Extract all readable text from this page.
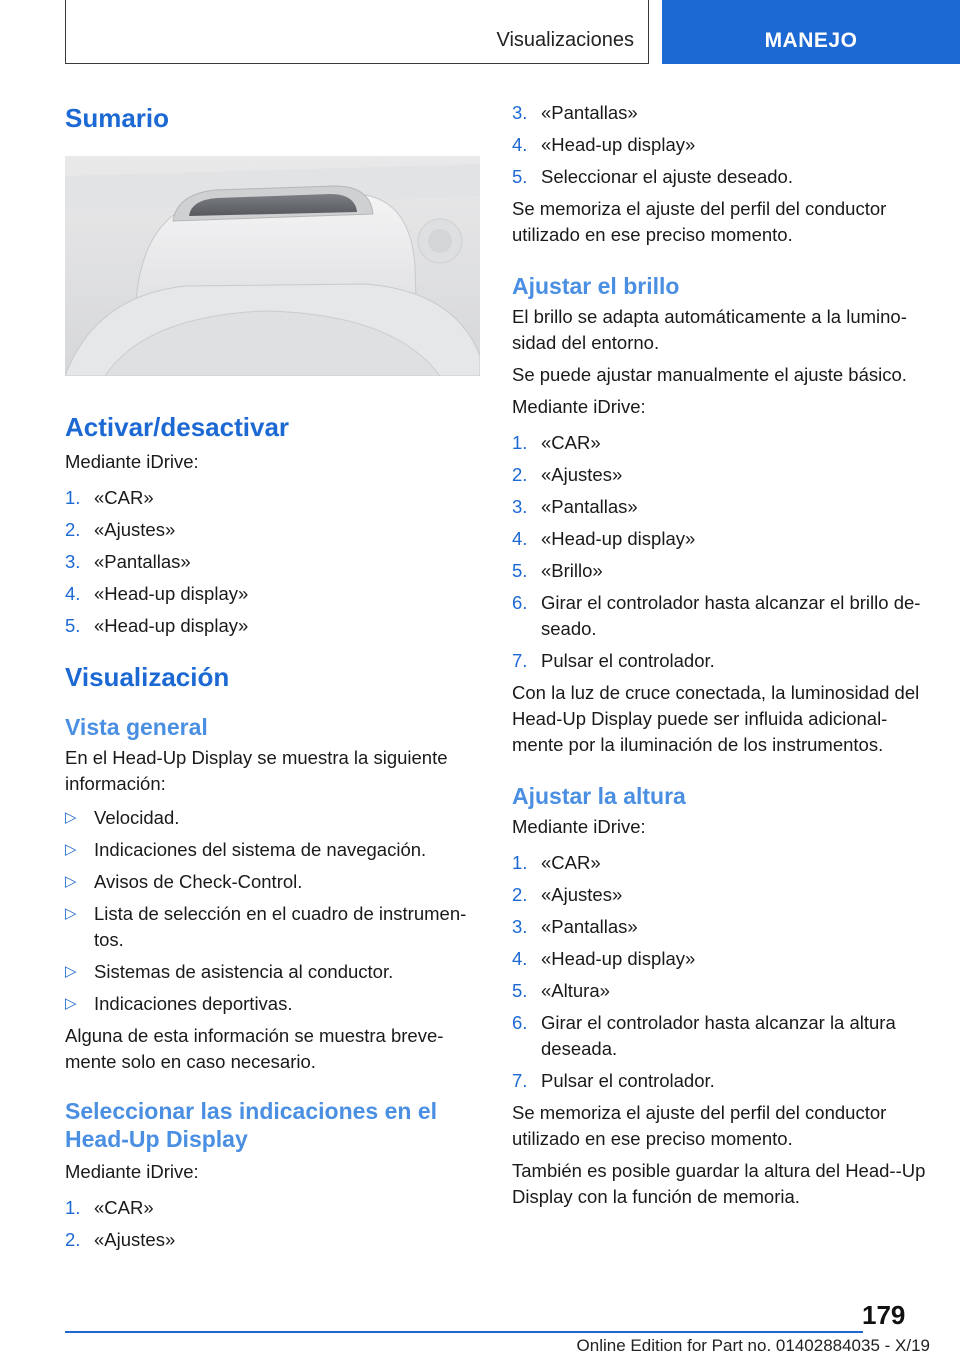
Visualizaciones	MANEJO
Sumario
Activar/desactivar

Mediante iDrive:

1. «CAR»
2. «Ajustes»
3. «Pantallas»
4. «Head-up display»
5. «Head-up display»
Visualización
Vista general

En el Head-Up Display se muestra la siguiente información:

▷ Velocidad.
▷ Indicaciones del sistema de navegación.
▷ Avisos de Check-Control.
▷ Lista de selección en el cuadro de instrumen-tos.
▷ Sistemas de asistencia al conductor.
▷ Indicaciones deportivas.

Alguna de esta información se muestra breve-mente solo en caso necesario.

Seleccionar las indicaciones en el Head-Up Display

Mediante iDrive:

1. «CAR»
2. «Ajustes»
3. «Pantallas»
4. «Head-up display»
5. Seleccionar el ajuste deseado.

Se memoriza el ajuste del perfil del conductor utilizado en ese preciso momento.

Ajustar el brillo

El brillo se adapta automáticamente a la lumino-sidad del entorno.

Se puede ajustar manualmente el ajuste básico.

Mediante iDrive:

1. «CAR»
2. «Ajustes»
3. «Pantallas»
4. «Head-up display»
5. «Brillo»
6. Girar el controlador hasta alcanzar el brillo de-seado.
7. Pulsar el controlador.

Con la luz de cruce conectada, la luminosidad del Head-Up Display puede ser influida adicional-mente por la iluminación de los instrumentos.

Ajustar la altura

Mediante iDrive:

1. «CAR»
2. «Ajustes»
3. «Pantallas»
4. «Head-up display»
5. «Altura»
6. Girar el controlador hasta alcanzar la altura deseada.
7. Pulsar el controlador.

Se memoriza el ajuste del perfil del conductor utilizado en ese preciso momento.

También es posible guardar la altura del Head--Up Display con la función de memoria.

179
Online Edition for Part no. 01402884035 - X/19
